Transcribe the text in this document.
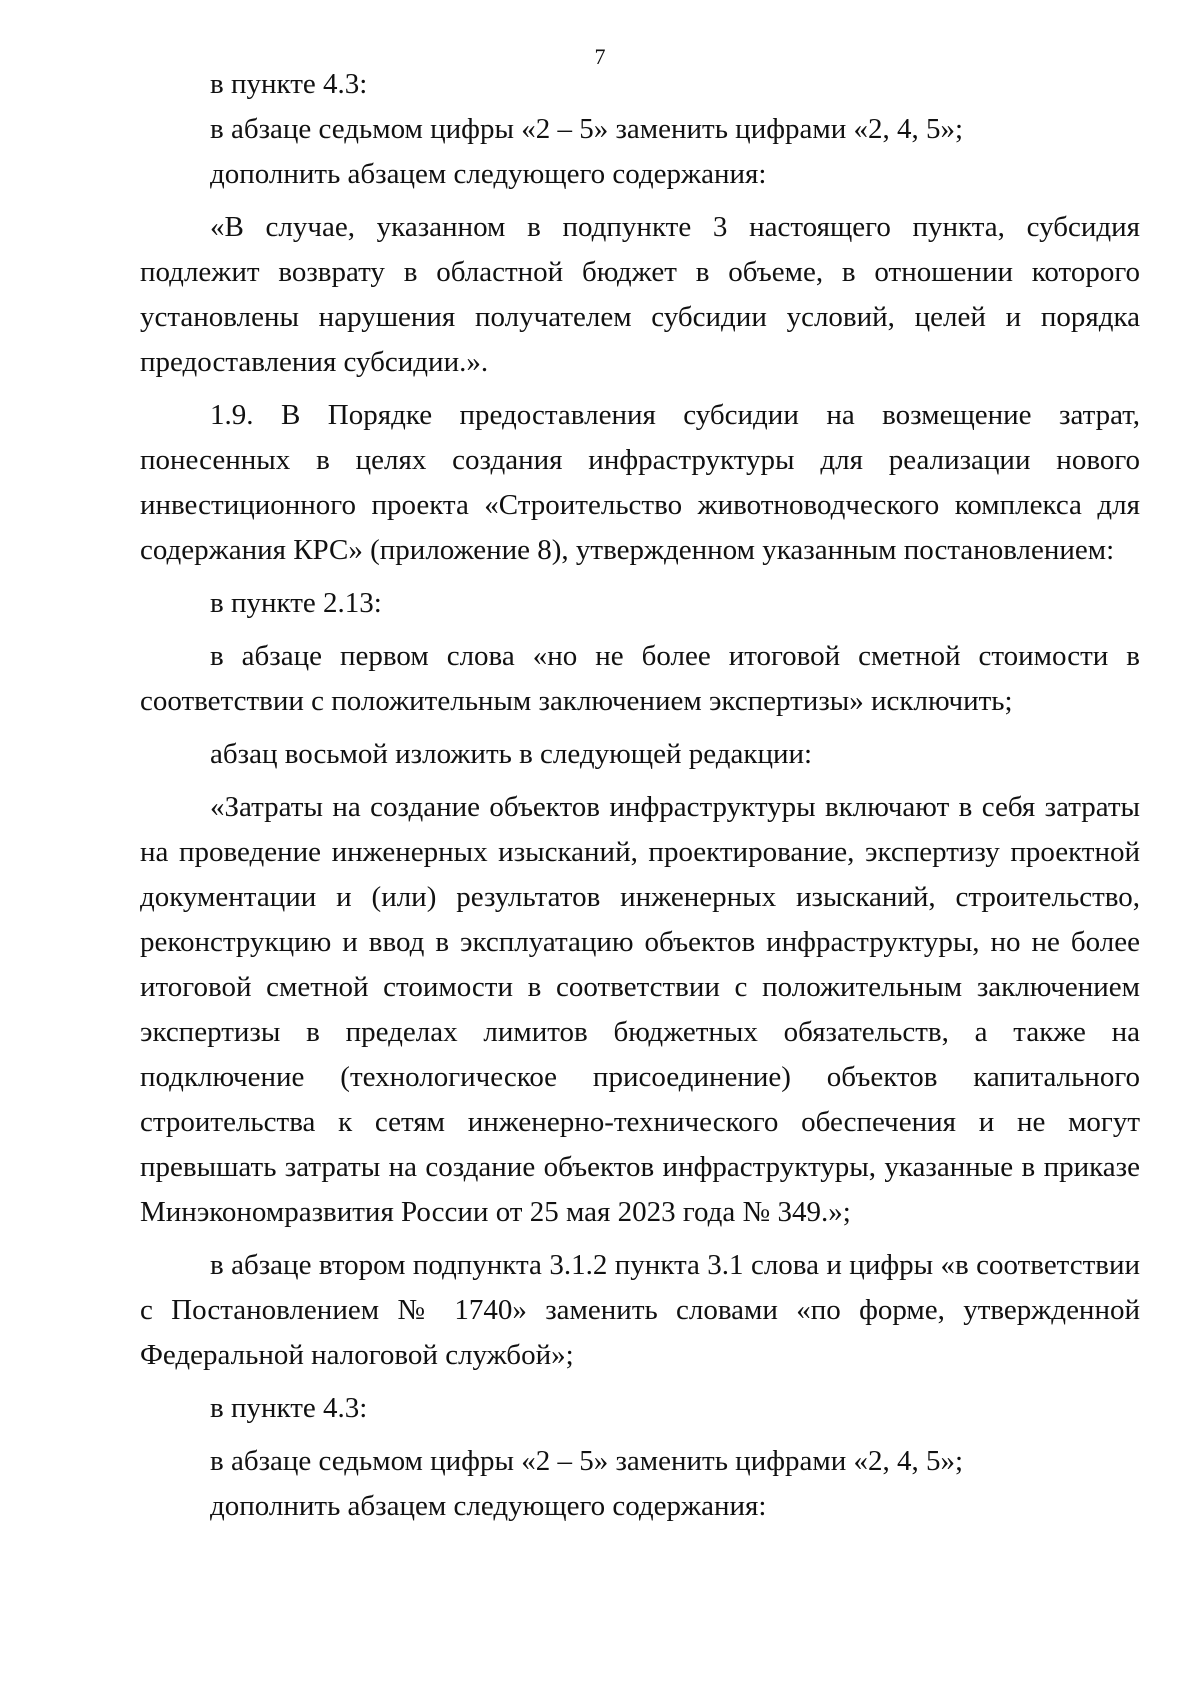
7

в пункте 4.3:

в абзаце седьмом цифры «2 – 5» заменить цифрами «2, 4, 5»;

дополнить абзацем следующего содержания:

«В случае, указанном в подпункте 3 настоящего пункта, субсидия подлежит возврату в областной бюджет в объеме, в отношении которого установлены нарушения получателем субсидии условий, целей и порядка предоставления субсидии.».

1.9. В Порядке предоставления субсидии на возмещение затрат, понесенных в целях создания инфраструктуры для реализации нового инвестиционного проекта «Строительство животноводческого комплекса для содержания КРС» (приложение 8), утвержденном указанным постановлением:

в пункте 2.13:

в абзаце первом слова «но не более итоговой сметной стоимости в соответствии с положительным заключением экспертизы» исключить;

абзац восьмой изложить в следующей редакции:

«Затраты на создание объектов инфраструктуры включают в себя затраты на проведение инженерных изысканий, проектирование, экспертизу проектной документации и (или) результатов инженерных изысканий, строительство, реконструкцию и ввод в эксплуатацию объектов инфраструктуры, но не более итоговой сметной стоимости в соответствии с положительным заключением экспертизы в пределах лимитов бюджетных обязательств, а также на подключение (технологическое присоединение) объектов капитального строительства к сетям инженерно-технического обеспечения и не могут превышать затраты на создание объектов инфраструктуры, указанные в приказе Минэкономразвития России от 25 мая 2023 года № 349.»;

в абзаце втором подпункта 3.1.2 пункта 3.1 слова и цифры «в соответствии с Постановлением № 1740» заменить словами «по форме, утвержденной Федеральной налоговой службой»;

в пункте 4.3:

в абзаце седьмом цифры «2 – 5» заменить цифрами «2, 4, 5»;

дополнить абзацем следующего содержания:
